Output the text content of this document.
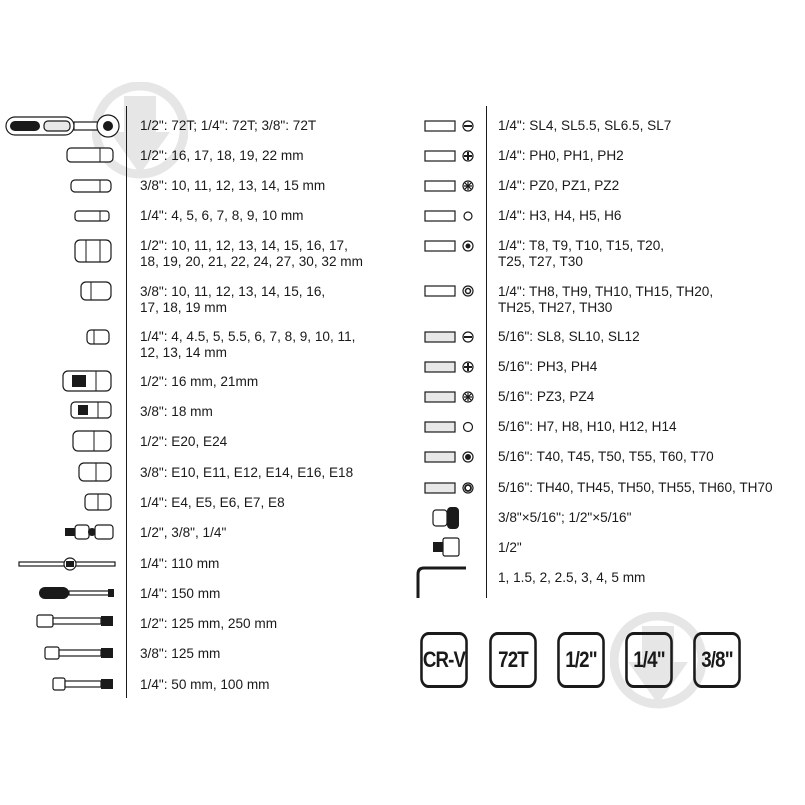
1/2": 72T; 1/4": 72T; 3/8": 72T
1/2": 16, 17, 18, 19, 22 mm
3/8": 10, 11, 12, 13, 14, 15 mm
1/4": 4, 5, 6, 7, 8, 9, 10 mm
1/2": 10, 11, 12, 13, 14, 15, 16, 17,
18, 19, 20, 21, 22, 24, 27, 30, 32 mm
3/8": 10, 11, 12, 13, 14, 15, 16,
17, 18, 19 mm
1/4": 4, 4.5, 5, 5.5, 6, 7, 8, 9, 10, 11,
12, 13, 14 mm
1/2": 16 mm, 21mm
3/8": 18 mm
1/2": E20, E24
3/8": E10, E11, E12, E14, E16, E18
1/4": E4, E5, E6, E7, E8
1/2", 3/8", 1/4"
1/4": 110 mm
1/4": 150 mm
1/2": 125 mm, 250 mm
3/8": 125 mm
1/4": 50 mm, 100 mm
1/4": SL4, SL5.5, SL6.5, SL7
1/4": PH0, PH1, PH2
1/4": PZ0, PZ1, PZ2
1/4": H3, H4, H5, H6
1/4": T8, T9, T10, T15, T20,
T25, T27, T30
1/4": TH8, TH9, TH10, TH15, TH20,
TH25, TH27, TH30
5/16": SL8, SL10, SL12
5/16": PH3, PH4
5/16": PZ3, PZ4
5/16": H7, H8, H10, H12, H14
5/16": T40, T45, T50, T55, T60, T70
5/16": TH40, TH45, TH50, TH55, TH60, TH70
3/8"×5/16"; 1/2"×5/16"
1/2"
1, 1.5, 2, 2.5, 3, 4, 5 mm
CR-V	72T	1/2"	1/4"	3/8"
